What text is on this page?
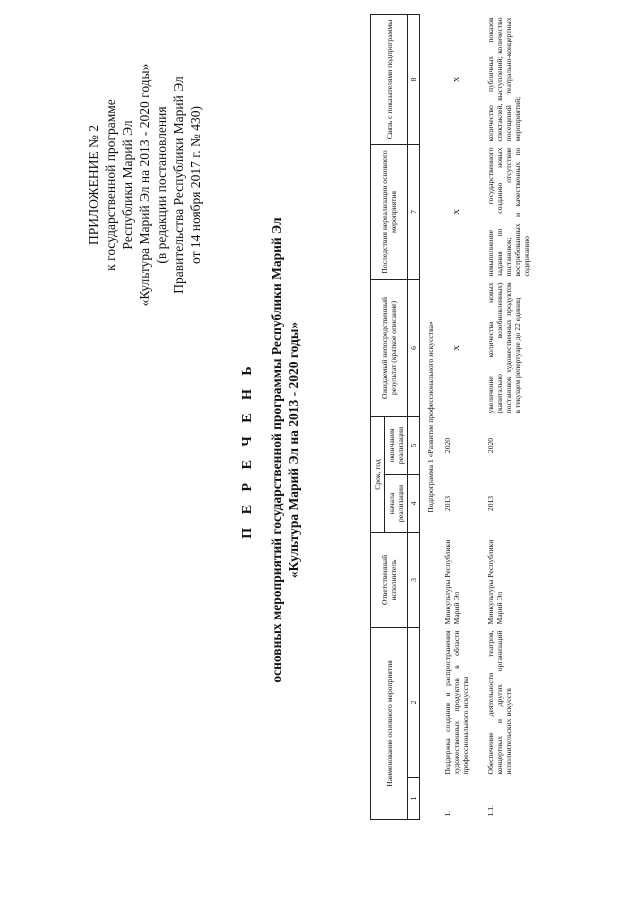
ПРИЛОЖЕНИЕ № 2 к государственной программе Республики Марий Эл «Культура Марий Эл на 2013 - 2020 годы» (в редакции постановления Правительства Республики Марий Эл от 14 ноября 2017 г. № 430)
П Е Р Е Ч Е Н Ь основных мероприятий государственной программы Республики Марий Эл «Культура Марий Эл на 2013 - 2020 годы»
Наименование основного мероприятия		Ответственный исполнитель	Срок, год		Ожидаемый непосредственный результат (краткое описание)	Последствия нереализации основного мероприятия	Связь с показателями подпрограммы
			начала реализации	окончания реализации			
1	2	3	4	5	6	7	8
Подпрограмма 1 «Развитие профессионального искусства»							
1.	Поддержка создания и распространения художественных продуктов в области профессионального искусства	Минкультуры Республики Марий Эл	2013	2020	X	X	X
1.1.	Обеспечение деятельности театров, концертных и других организаций исполнительских искусств	Минкультуры Республики Марий Эл	2013	2020	увеличение количества новых (капитально возобновленных) постановок художественных продуктов в текущем репертуаре до 22 единиц	невыполнение государственного задания по созданию новых постановок; отсутствие востребованных и качественных по содержанию	количество публичных показов спектаклей, выступлений; количество посещений театрально-концертных мероприятий;
